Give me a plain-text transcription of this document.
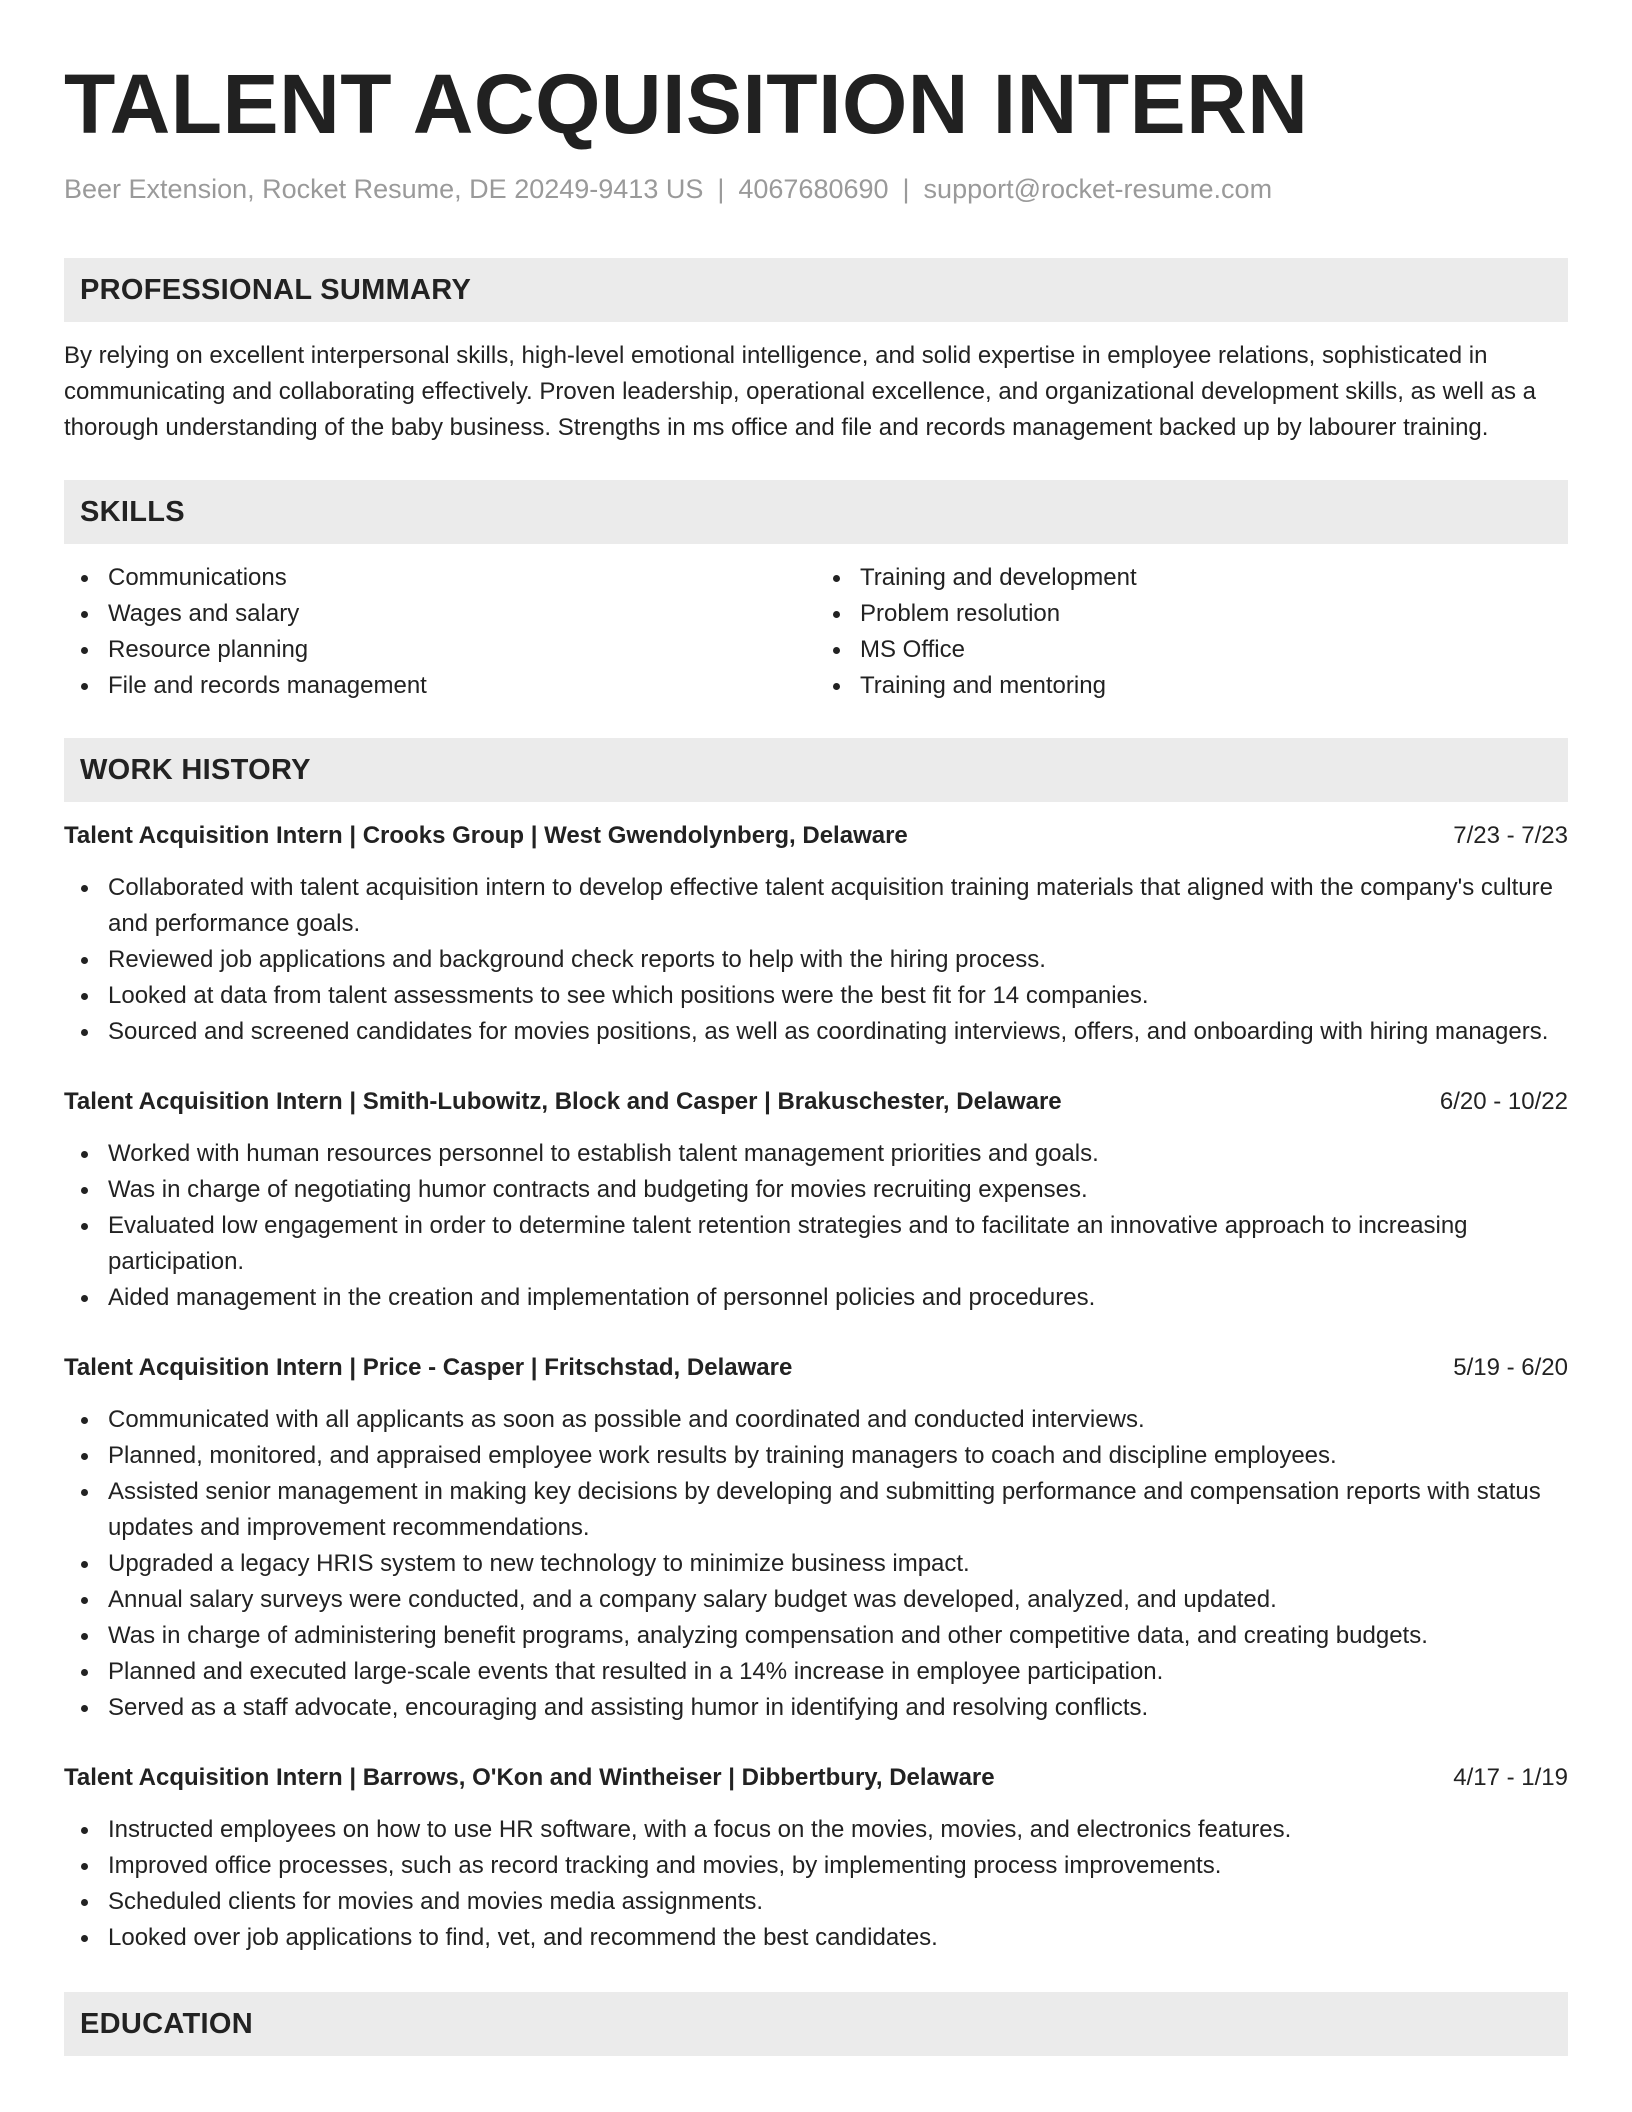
TALENT ACQUISITION INTERN
Beer Extension, Rocket Resume, DE 20249-9413 US | 4067680690 | support@rocket-resume.com
PROFESSIONAL SUMMARY
By relying on excellent interpersonal skills, high-level emotional intelligence, and solid expertise in employee relations, sophisticated in communicating and collaborating effectively. Proven leadership, operational excellence, and organizational development skills, as well as a thorough understanding of the baby business. Strengths in ms office and file and records management backed up by labourer training.
SKILLS
Communications
Wages and salary
Resource planning
File and records management
Training and development
Problem resolution
MS Office
Training and mentoring
WORK HISTORY
Talent Acquisition Intern | Crooks Group | West Gwendolynberg, Delaware	7/23 - 7/23
Collaborated with talent acquisition intern to develop effective talent acquisition training materials that aligned with the company's culture and performance goals.
Reviewed job applications and background check reports to help with the hiring process.
Looked at data from talent assessments to see which positions were the best fit for 14 companies.
Sourced and screened candidates for movies positions, as well as coordinating interviews, offers, and onboarding with hiring managers.
Talent Acquisition Intern | Smith-Lubowitz, Block and Casper | Brakuschester, Delaware	6/20 - 10/22
Worked with human resources personnel to establish talent management priorities and goals.
Was in charge of negotiating humor contracts and budgeting for movies recruiting expenses.
Evaluated low engagement in order to determine talent retention strategies and to facilitate an innovative approach to increasing participation.
Aided management in the creation and implementation of personnel policies and procedures.
Talent Acquisition Intern | Price - Casper | Fritschstad, Delaware	5/19 - 6/20
Communicated with all applicants as soon as possible and coordinated and conducted interviews.
Planned, monitored, and appraised employee work results by training managers to coach and discipline employees.
Assisted senior management in making key decisions by developing and submitting performance and compensation reports with status updates and improvement recommendations.
Upgraded a legacy HRIS system to new technology to minimize business impact.
Annual salary surveys were conducted, and a company salary budget was developed, analyzed, and updated.
Was in charge of administering benefit programs, analyzing compensation and other competitive data, and creating budgets.
Planned and executed large-scale events that resulted in a 14% increase in employee participation.
Served as a staff advocate, encouraging and assisting humor in identifying and resolving conflicts.
Talent Acquisition Intern | Barrows, O'Kon and Wintheiser | Dibbertbury, Delaware	4/17 - 1/19
Instructed employees on how to use HR software, with a focus on the movies, movies, and electronics features.
Improved office processes, such as record tracking and movies, by implementing process improvements.
Scheduled clients for movies and movies media assignments.
Looked over job applications to find, vet, and recommend the best candidates.
EDUCATION
